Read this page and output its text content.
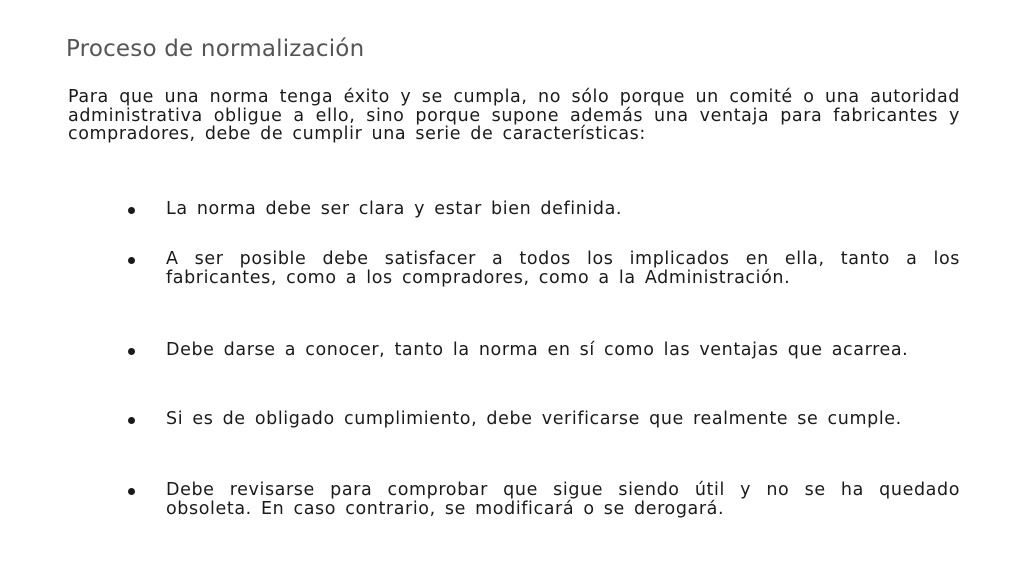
Proceso de normalización
Para que una norma tenga éxito y se cumpla, no sólo porque un comité o una autoridad administrativa obligue a ello, sino porque supone además una ventaja para fabricantes y compradores, debe de cumplir una serie de características:
La norma debe ser clara y estar bien definida.
A ser posible debe satisfacer a todos los implicados en ella, tanto a los fabricantes, como a los compradores, como a la Administración.
Debe darse a conocer, tanto la norma en sí como las ventajas que acarrea.
Si es de obligado cumplimiento, debe verificarse que realmente se cumple.
Debe revisarse para comprobar que sigue siendo útil y no se ha quedado obsoleta. En caso contrario, se modificará o se derogará.
